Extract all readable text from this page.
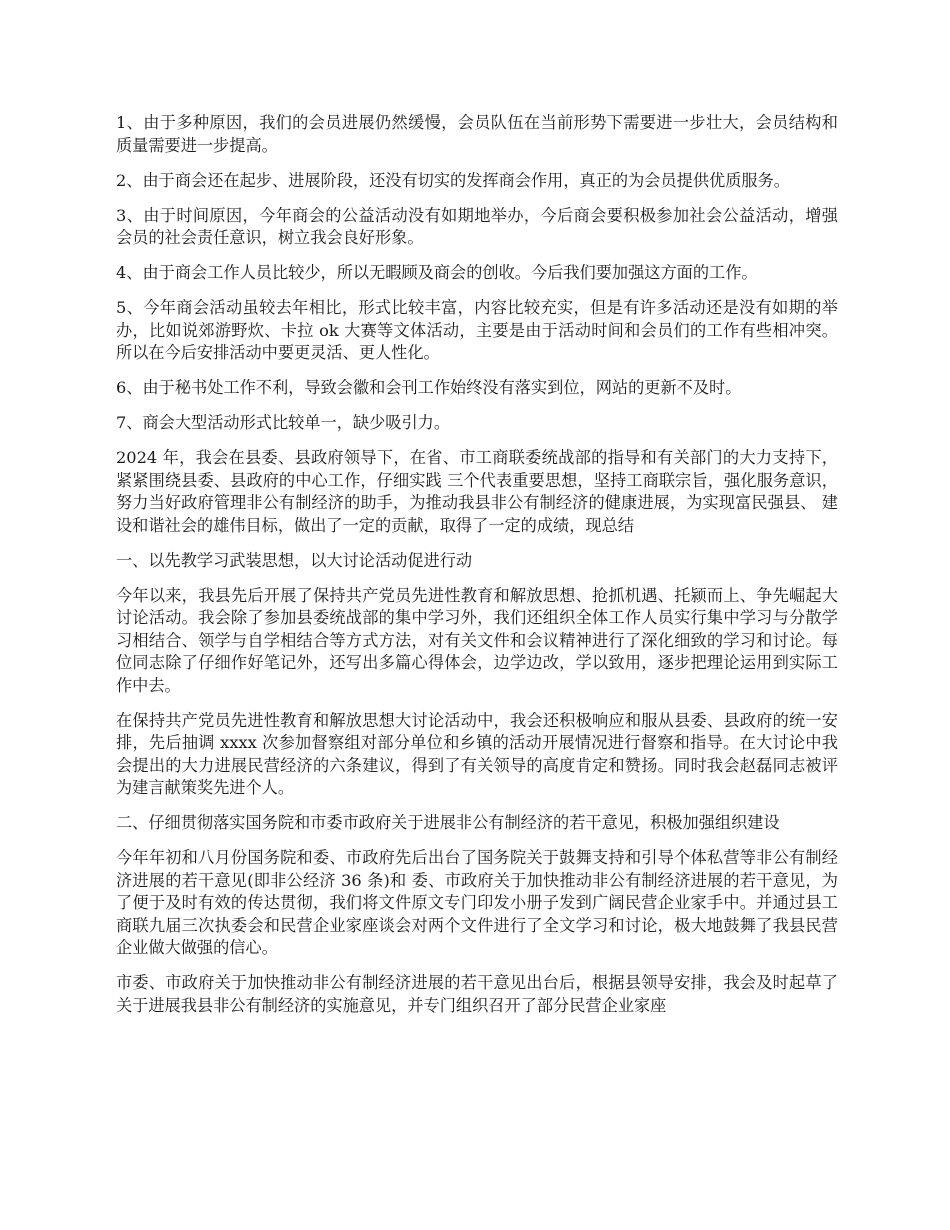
1、由于多种原因，我们的会员进展仍然缓慢，会员队伍在当前形势下需要进一步壮大，会员结构和质量需要进一步提高。

2、由于商会还在起步、进展阶段，还没有切实的发挥商会作用，真正的为会员提供优质服务。

3、由于时间原因，今年商会的公益活动没有如期地举办，今后商会要积极参加社会公益活动，增强会员的社会责任意识，树立我会良好形象。

4、由于商会工作人员比较少，所以无暇顾及商会的创收。今后我们要加强这方面的工作。

5、今年商会活动虽较去年相比，形式比较丰富，内容比较充实，但是有许多活动还是没有如期的举办，比如说郊游野炊、卡拉 ok 大赛等文体活动，主要是由于活动时间和会员们的工作有些相冲突。所以在今后安排活动中要更灵活、更人性化。

6、由于秘书处工作不利，导致会徽和会刊工作始终没有落实到位，网站的更新不及时。

7、商会大型活动形式比较单一，缺少吸引力。

2024 年，我会在县委、县政府领导下，在省、市工商联委统战部的指导和有关部门的大力支持下，紧紧围绕县委、县政府的中心工作，仔细实践 三个代表重要思想，坚持工商联宗旨，强化服务意识，努力当好政府管理非公有制经济的助手，为推动我县非公有制经济的健康进展，为实现富民强县、 建设和谐社会的雄伟目标，做出了一定的贡献，取得了一定的成绩，现总结

一、以先教学习武装思想，以大讨论活动促进行动

今年以来，我县先后开展了保持共产党员先进性教育和解放思想、抢抓机遇、托颍而上、争先崛起大讨论活动。我会除了参加县委统战部的集中学习外，我们还组织全体工作人员实行集中学习与分散学习相结合、领学与自学相结合等方式方法，对有关文件和会议精神进行了深化细致的学习和讨论。每位同志除了仔细作好笔记外，还写出多篇心得体会，边学边改，学以致用，逐步把理论运用到实际工作中去。

在保持共产党员先进性教育和解放思想大讨论活动中，我会还积极响应和服从县委、县政府的统一安排，先后抽调 xxxx 次参加督察组对部分单位和乡镇的活动开展情况进行督察和指导。在大讨论中我会提出的大力进展民营经济的六条建议，得到了有关领导的高度肯定和赞扬。同时我会赵磊同志被评为建言献策奖先进个人。

二、仔细贯彻落实国务院和市委市政府关于进展非公有制经济的若干意见，积极加强组织建设

今年年初和八月份国务院和委、市政府先后出台了国务院关于鼓舞支持和引导个体私营等非公有制经济进展的若干意见(即非公经济 36 条)和 委、市政府关于加快推动非公有制经济进展的若干意见，为了便于及时有效的传达贯彻，我们将文件原文专门印发小册子发到广阔民营企业家手中。并通过县工商联九届三次执委会和民营企业家座谈会对两个文件进行了全文学习和讨论，极大地鼓舞了我县民营企业做大做强的信心。

市委、市政府关于加快推动非公有制经济进展的若干意见出台后，根据县领导安排，我会及时起草了关于进展我县非公有制经济的实施意见，并专门组织召开了部分民营企业家座
